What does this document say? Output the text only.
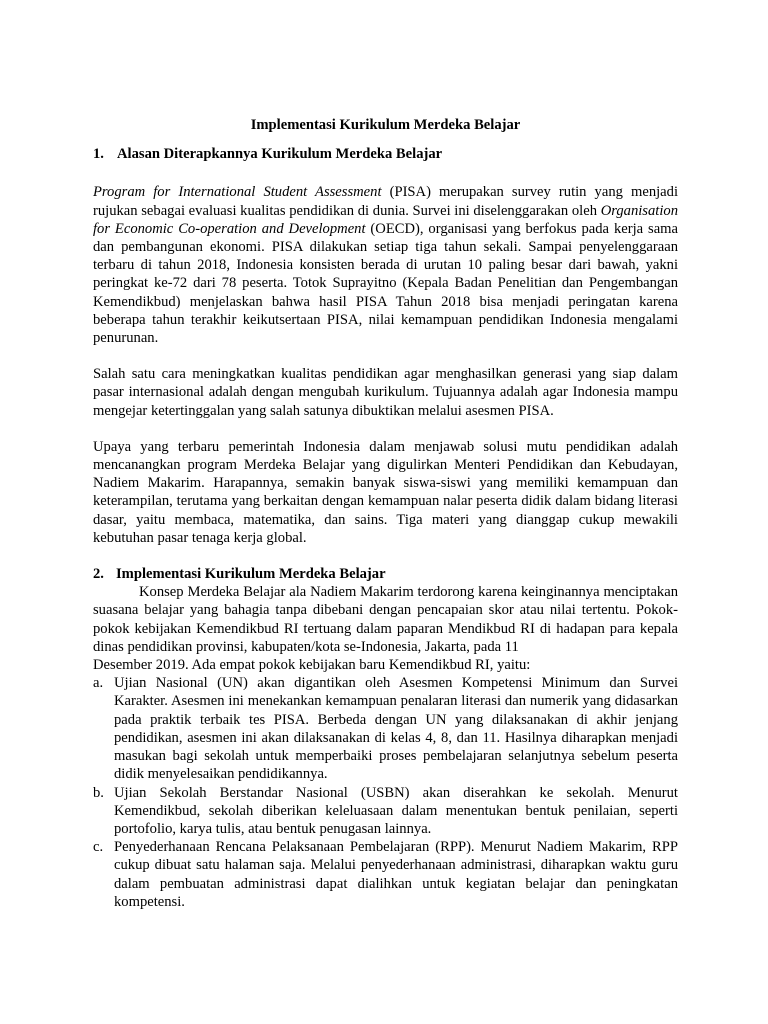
Implementasi Kurikulum Merdeka Belajar
1. Alasan Diterapkannya Kurikulum Merdeka Belajar

Program for International Student Assessment (PISA) merupakan survey rutin yang menjadi rujukan sebagai evaluasi kualitas pendidikan di dunia. Survei ini diselenggarakan oleh Organisation for Economic Co-operation and Development (OECD), organisasi yang berfokus pada kerja sama dan pembangunan ekonomi. PISA dilakukan setiap tiga tahun sekali. Sampai penyelenggaraan terbaru di tahun 2018, Indonesia konsisten berada di urutan 10 paling besar dari bawah, yakni peringkat ke-72 dari 78 peserta. Totok Suprayitno (Kepala Badan Penelitian dan Pengembangan Kemendikbud) menjelaskan bahwa hasil PISA Tahun 2018 bisa menjadi peringatan karena beberapa tahun terakhir keikutsertaan PISA, nilai kemampuan pendidikan Indonesia mengalami penurunan.

Salah satu cara meningkatkan kualitas pendidikan agar menghasilkan generasi yang siap dalam pasar internasional adalah dengan mengubah kurikulum. Tujuannya adalah agar Indonesia mampu mengejar ketertinggalan yang salah satunya dibuktikan melalui asesmen PISA.

Upaya yang terbaru pemerintah Indonesia dalam menjawab solusi mutu pendidikan adalah mencanangkan program Merdeka Belajar yang digulirkan Menteri Pendidikan dan Kebudayan, Nadiem Makarim. Harapannya, semakin banyak siswa-siswi yang memiliki kemampuan dan keterampilan, terutama yang berkaitan dengan kemampuan nalar peserta didik dalam bidang literasi dasar, yaitu membaca, matematika, dan sains. Tiga materi yang dianggap cukup mewakili kebutuhan pasar tenaga kerja global.

2. Implementasi Kurikulum Merdeka Belajar

Konsep Merdeka Belajar ala Nadiem Makarim terdorong karena keinginannya menciptakan suasana belajar yang bahagia tanpa dibebani dengan pencapaian skor atau nilai tertentu. Pokok-pokok kebijakan Kemendikbud RI tertuang dalam paparan Mendikbud RI di hadapan para kepala dinas pendidikan provinsi, kabupaten/kota se-Indonesia, Jakarta, pada 11

Desember 2019. Ada empat pokok kebijakan baru Kemendikbud RI, yaitu:

a. Ujian Nasional (UN) akan digantikan oleh Asesmen Kompetensi Minimum dan Survei Karakter. Asesmen ini menekankan kemampuan penalaran literasi dan numerik yang didasarkan pada praktik terbaik tes PISA. Berbeda dengan UN yang dilaksanakan di akhir jenjang pendidikan, asesmen ini akan dilaksanakan di kelas 4, 8, dan 11. Hasilnya diharapkan menjadi masukan bagi sekolah untuk memperbaiki proses pembelajaran selanjutnya sebelum peserta didik menyelesaikan pendidikannya.
b. Ujian Sekolah Berstandar Nasional (USBN) akan diserahkan ke sekolah. Menurut Kemendikbud, sekolah diberikan keleluasaan dalam menentukan bentuk penilaian, seperti portofolio, karya tulis, atau bentuk penugasan lainnya.
c. Penyederhanaan Rencana Pelaksanaan Pembelajaran (RPP). Menurut Nadiem Makarim, RPP cukup dibuat satu halaman saja. Melalui penyederhanaan administrasi, diharapkan waktu guru dalam pembuatan administrasi dapat dialihkan untuk kegiatan belajar dan peningkatan kompetensi.
